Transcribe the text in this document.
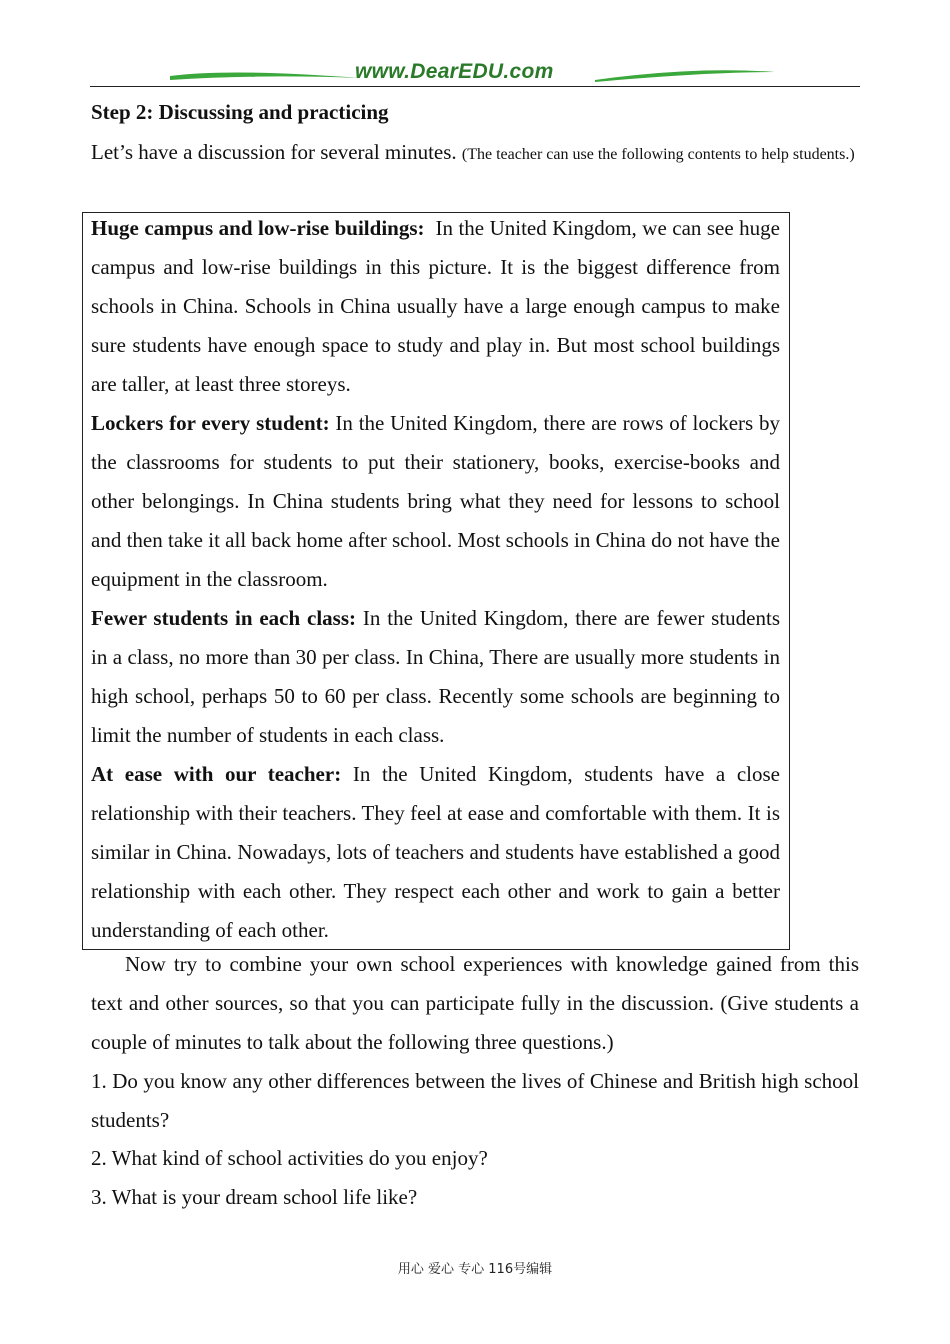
www.DearEDU.com
Step 2: Discussing and practicing
Let’s have a discussion for several minutes. (The teacher can use the following contents to help students.)

Huge campus and low-rise buildings: In the United Kingdom, we can see huge campus and low-rise buildings in this picture. It is the biggest difference from schools in China. Schools in China usually have a large enough campus to make sure students have enough space to study and play in. But most school buildings are taller, at least three storeys.

Lockers for every student: In the United Kingdom, there are rows of lockers by the classrooms for students to put their stationery, books, exercise-books and other belongings. In China students bring what they need for lessons to school and then take it all back home after school. Most schools in China do not have the equipment in the classroom.

Fewer students in each class: In the United Kingdom, there are fewer students in a class, no more than 30 per class. In China, There are usually more students in high school, perhaps 50 to 60 per class. Recently some schools are beginning to limit the number of students in each class.

At ease with our teacher: In the United Kingdom, students have a close relationship with their teachers. They feel at ease and comfortable with them. It is similar in China. Nowadays, lots of teachers and students have established a good relationship with each other. They respect each other and work to gain a better understanding of each other.

Now try to combine your own school experiences with knowledge gained from this text and other sources, so that you can participate fully in the discussion. (Give students a couple of minutes to talk about the following three questions.)
1. Do you know any other differences between the lives of Chinese and British high school students?
2. What kind of school activities do you enjoy?
3. What is your dream school life like?
用心 爱心 专心 116号编辑
